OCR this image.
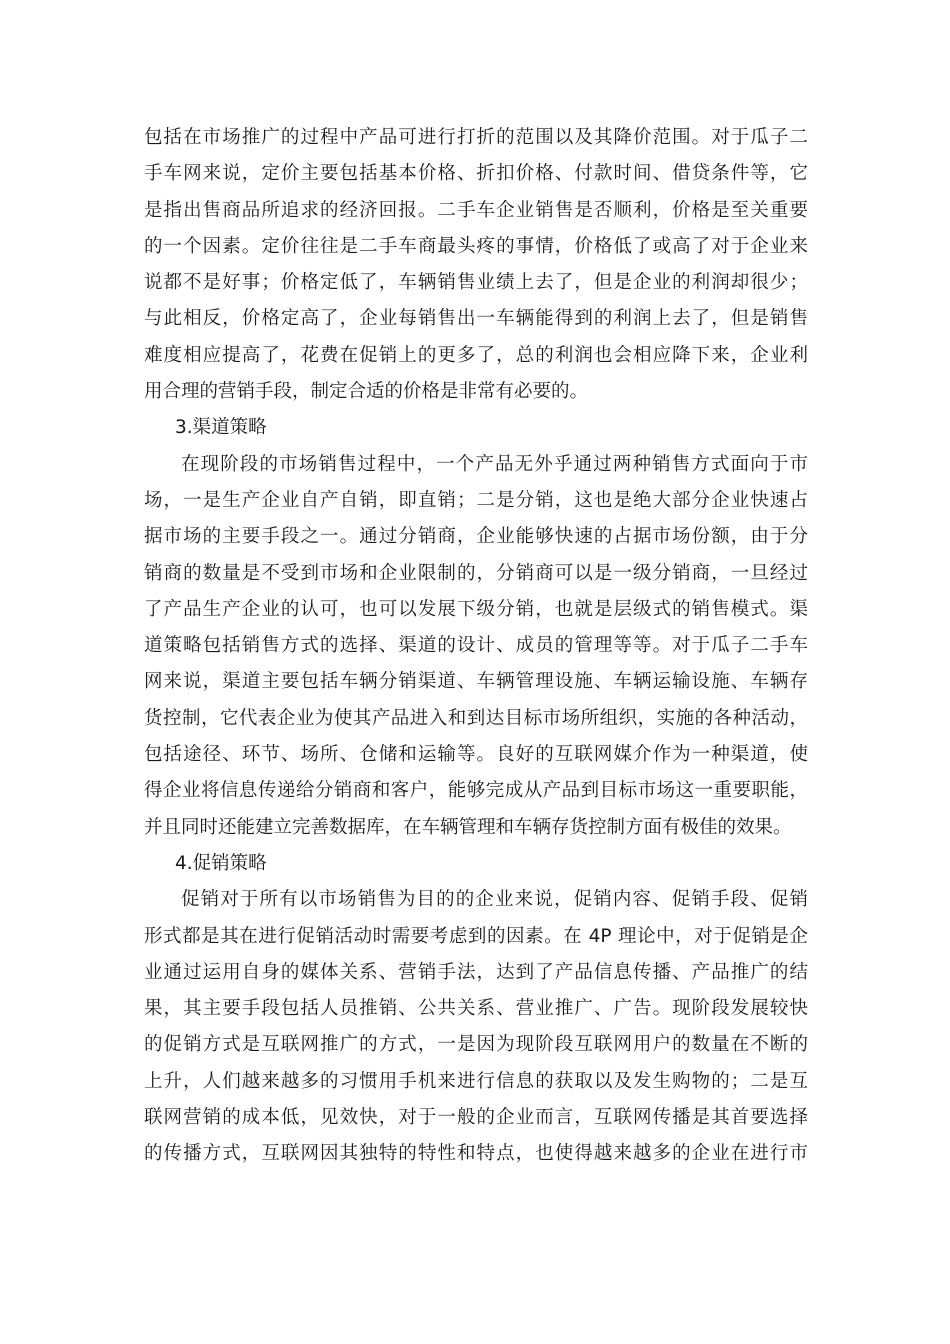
包括在市场推广的过程中产品可进行打折的范围以及其降价范围。对于瓜子二
手车网来说，定价主要包括基本价格、折扣价格、付款时间、借贷条件等，它
是指出售商品所追求的经济回报。二手车企业销售是否顺利，价格是至关重要
的一个因素。定价往往是二手车商最头疼的事情，价格低了或高了对于企业来
说都不是好事；价格定低了，车辆销售业绩上去了，但是企业的利润却很少；
与此相反，价格定高了，企业每销售出一车辆能得到的利润上去了，但是销售
难度相应提高了，花费在促销上的更多了，总的利润也会相应降下来，企业利
用合理的营销手段，制定合适的价格是非常有必要的。
3.渠道策略
在现阶段的市场销售过程中，一个产品无外乎通过两种销售方式面向于市
场，一是生产企业自产自销，即直销；二是分销，这也是绝大部分企业快速占
据市场的主要手段之一。通过分销商，企业能够快速的占据市场份额，由于分
销商的数量是不受到市场和企业限制的，分销商可以是一级分销商，一旦经过
了产品生产企业的认可，也可以发展下级分销，也就是层级式的销售模式。渠
道策略包括销售方式的选择、渠道的设计、成员的管理等等。对于瓜子二手车
网来说，渠道主要包括车辆分销渠道、车辆管理设施、车辆运输设施、车辆存
货控制，它代表企业为使其产品进入和到达目标市场所组织，实施的各种活动，
包括途径、环节、场所、仓储和运输等。良好的互联网媒介作为一种渠道，使
得企业将信息传递给分销商和客户，能够完成从产品到目标市场这一重要职能，
并且同时还能建立完善数据库，在车辆管理和车辆存货控制方面有极佳的效果。
4.促销策略
促销对于所有以市场销售为目的的企业来说，促销内容、促销手段、促销
形式都是其在进行促销活动时需要考虑到的因素。在 4P 理论中，对于促销是企
业通过运用自身的媒体关系、营销手法，达到了产品信息传播、产品推广的结
果，其主要手段包括人员推销、公共关系、营业推广、广告。现阶段发展较快
的促销方式是互联网推广的方式，一是因为现阶段互联网用户的数量在不断的
上升，人们越来越多的习惯用手机来进行信息的获取以及发生购物的；二是互
联网营销的成本低，见效快，对于一般的企业而言，互联网传播是其首要选择
的传播方式，互联网因其独特的特性和特点，也使得越来越多的企业在进行市
